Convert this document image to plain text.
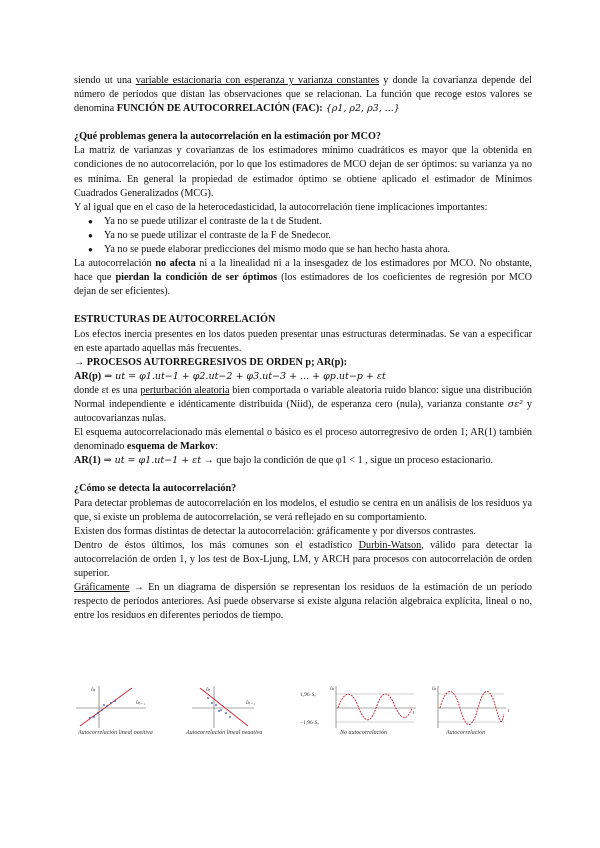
siendo ut una variable estacionaria con esperanza y varianza constantes y donde la covarianza depende del número de períodos que distan las observaciones que se relacionan. La función que recoge estos valores se denomina FUNCIÓN DE AUTOCORRELACIÓN (FAC): {ρ1, ρ2, ρ3, ...}

¿Qué problemas genera la autocorrelación en la estimación por MCO?

La matriz de varianzas y covarianzas de los estimadores mínimo cuadráticos es mayor que la obtenida en condiciones de no autocorrelación, por lo que los estimadores de MCO dejan de ser óptimos: su varianza ya no es mínima. En general la propiedad de estimador óptimo se obtiene aplicado el estimador de Mínimos Cuadrados Generalizados (MCG).

Y al igual que en el caso de la heterocedasticidad, la autocorrelación tiene implicaciones importantes:

● Ya no se puede utilizar el contraste de la t de Student.
● Ya no se puede utilizar el contraste de la F de Snedecor.
● Ya no se puede elaborar predicciones del mismo modo que se han hecho hasta ahora.

La autocorrelación no afecta ni a la linealidad ni a la insesgadez de los estimadores por MCO. No obstante, hace que pierdan la condición de ser óptimos (los estimadores de los coeficientes de regresión por MCO dejan de ser eficientes).

ESTRUCTURAS DE AUTOCORRELACIÓN

Los efectos inercia presentes en los datos pueden presentar unas estructuras determinadas. Se van a especificar en este apartado aquellas más frecuentes.

→ PROCESOS AUTORREGRESIVOS DE ORDEN p; AR(p):

AR(p) ⇒ ut = φ1.ut−1 + φ2.ut−2 + φ3.ut−3 + ... + φp.ut−p + εt

donde εt es una perturbación aleatoria bien comportada o variable aleatoria ruido blanco: sigue una distribución Normal independiente e idénticamente distribuida (Niid), de esperanza cero (nula), varianza constante σε² y autocovarianzas nulas.

El esquema autocorrelacionado más elemental o básico es el proceso autorregresivo de orden 1; AR(1) también denominado esquema de Markov:

AR(1) ⇒ ut = φ1.ut−1 + εt → que bajo la condición de que φ1 < 1 , sigue un proceso estacionario.

¿Cómo se detecta la autocorrelación?

Para detectar problemas de autocorrelación en los modelos, el estudio se centra en un análisis de los residuos ya que, si existe un problema de autocorrelación, se verá reflejado en su comportamiento.

Existen dos formas distintas de detectar la autocorrelación: gráficamente y por diversos contrastes.

Dentro de éstos últimos, los más comunes son el estadístico Durbin-Watson, válido para detectar la autocorrelación de orden 1, y los test de Box-Ljung, LM, y ARCH para procesos con autocorrelación de orden superior.

Gráficamente → En un diagrama de dispersión se representan los residuos de la estimación de un período respecto de períodos anteriores. Así puede observarse si existe alguna relación algebraica explícita, lineal o no, entre los residuos en diferentes períodos de tiempo.

ûₜ
ûₜ₋₁
Autocorrelación lineal positiva
ûₜ
ûₜ₋₁
Autocorrelación lineal negativa
1,96·Sₑ
−1,96·Sₑ
ûₜ
t
No autocorrelación
ûₜ
t
Autocorrelación
